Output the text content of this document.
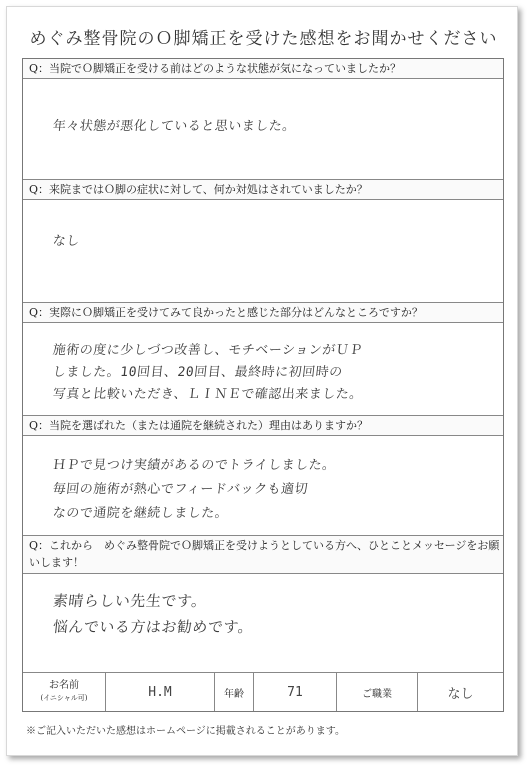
めぐみ整骨院のＯ脚矯正を受けた感想をお聞かせください
Q：当院でＯ脚矯正を受ける前はどのような状態が気になっていましたか？
年々状態が悪化していると思いました。
Q：来院まではＯ脚の症状に対して、何か対処はされていましたか？
なし
Q：実際にＯ脚矯正を受けてみて良かったと感じた部分はどんなところですか？
施術の度に少しづつ改善し、モチベーションがＵＰ
しました。10回目、20回目、最終時に初回時の
写真と比較いただき、ＬＩＮＥで確認出来ました。
Q：当院を選ばれた（または通院を継続された）理由はありますか？
ＨＰで見つけ実績があるのでトライしました。
毎回の施術が熱心でフィードバックも適切
なので通院を継続しました。
Q：これから　めぐみ整骨院でＯ脚矯正を受けようとしている方へ、ひとことメッセージをお願いします！
素晴らしい先生です。
悩んでいる方はお勧めです。
お名前
(イニシャル可)	H.M	年齢	71	ご職業	なし
※ご記入いただいた感想はホームページに掲載されることがあります。
